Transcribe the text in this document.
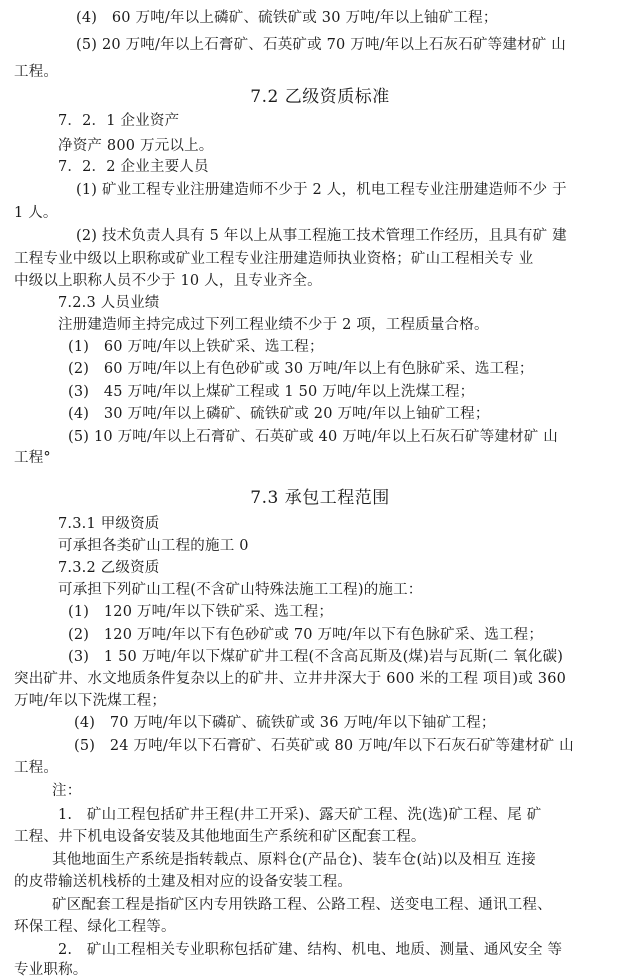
(4)　60 万吨/年以上磷矿、硫铁矿或 30 万吨/年以上铀矿工程；
(5) 20 万吨/年以上石膏矿、石英矿或 70 万吨/年以上石灰石矿等建材矿 山
工程。
7.2 乙级资质标准
7．2．1 企业资产
净资产 800 万元以上。
7．2．2 企业主要人员
(1) 矿业工程专业注册建造师不少于 2 人，机电工程专业注册建造师不少 于
1 人。
(2) 技术负责人具有 5 年以上从事工程施工技术管理工作经历，且具有矿 建
工程专业中级以上职称或矿业工程专业注册建造师执业资格；矿山工程相关专 业
中级以上职称人员不少于 10 人，且专业齐全。
7.2.3 人员业绩
注册建造师主持完成过下列工程业绩不少于 2 项，工程质量合格。
(1)　60 万吨/年以上铁矿采、选工程；
(2)　60 万吨/年以上有色砂矿或 30 万吨/年以上有色脉矿采、选工程；
(3)　45 万吨/年以上煤矿工程或 1 50 万吨/年以上洗煤工程；
(4)　30 万吨/年以上磷矿、硫铁矿或 20 万吨/年以上铀矿工程；
(5) 10 万吨/年以上石膏矿、石英矿或 40 万吨/年以上石灰石矿等建材矿 山
工程°
7.3 承包工程范围
7.3.1 甲级资质
可承担各类矿山工程的施工 0
7.3.2 乙级资质
可承担下列矿山工程(不含矿山特殊法施工工程)的施工：
(1)　120 万吨/年以下铁矿采、选工程；
(2)　120 万吨/年以下有色砂矿或 70 万吨/年以下有色脉矿采、选工程；
(3)　1 50 万吨/年以下煤矿矿井工程(不含高瓦斯及(煤)岩与瓦斯(二 氧化碳)
突出矿井、水文地质条件复杂以上的矿井、立井井深大于 600 米的工程 项目)或 360
万吨/年以下洗煤工程；
(4)　70 万吨/年以下磷矿、硫铁矿或 36 万吨/年以下铀矿工程；
(5)　24 万吨/年以下石膏矿、石英矿或 80 万吨/年以下石灰石矿等建材矿 山
工程。
注：
1.　矿山工程包括矿井王程(井工开采)、露天矿工程、洗(选)矿工程、尾 矿
工程、井下机电设备安装及其他地面生产系统和矿区配套工程。
其他地面生产系统是指转载点、原料仓(产品仓)、装车仓(站)以及相互 连接
的皮带输送机栈桥的土建及相对应的设备安装工程。
矿区配套工程是指矿区内专用铁路工程、公路工程、送变电工程、通讯工程、
环保工程、绿化工程等。
2.　矿山工程相关专业职称包括矿建、结构、机电、地质、测量、通风安全 等
专业职称。
